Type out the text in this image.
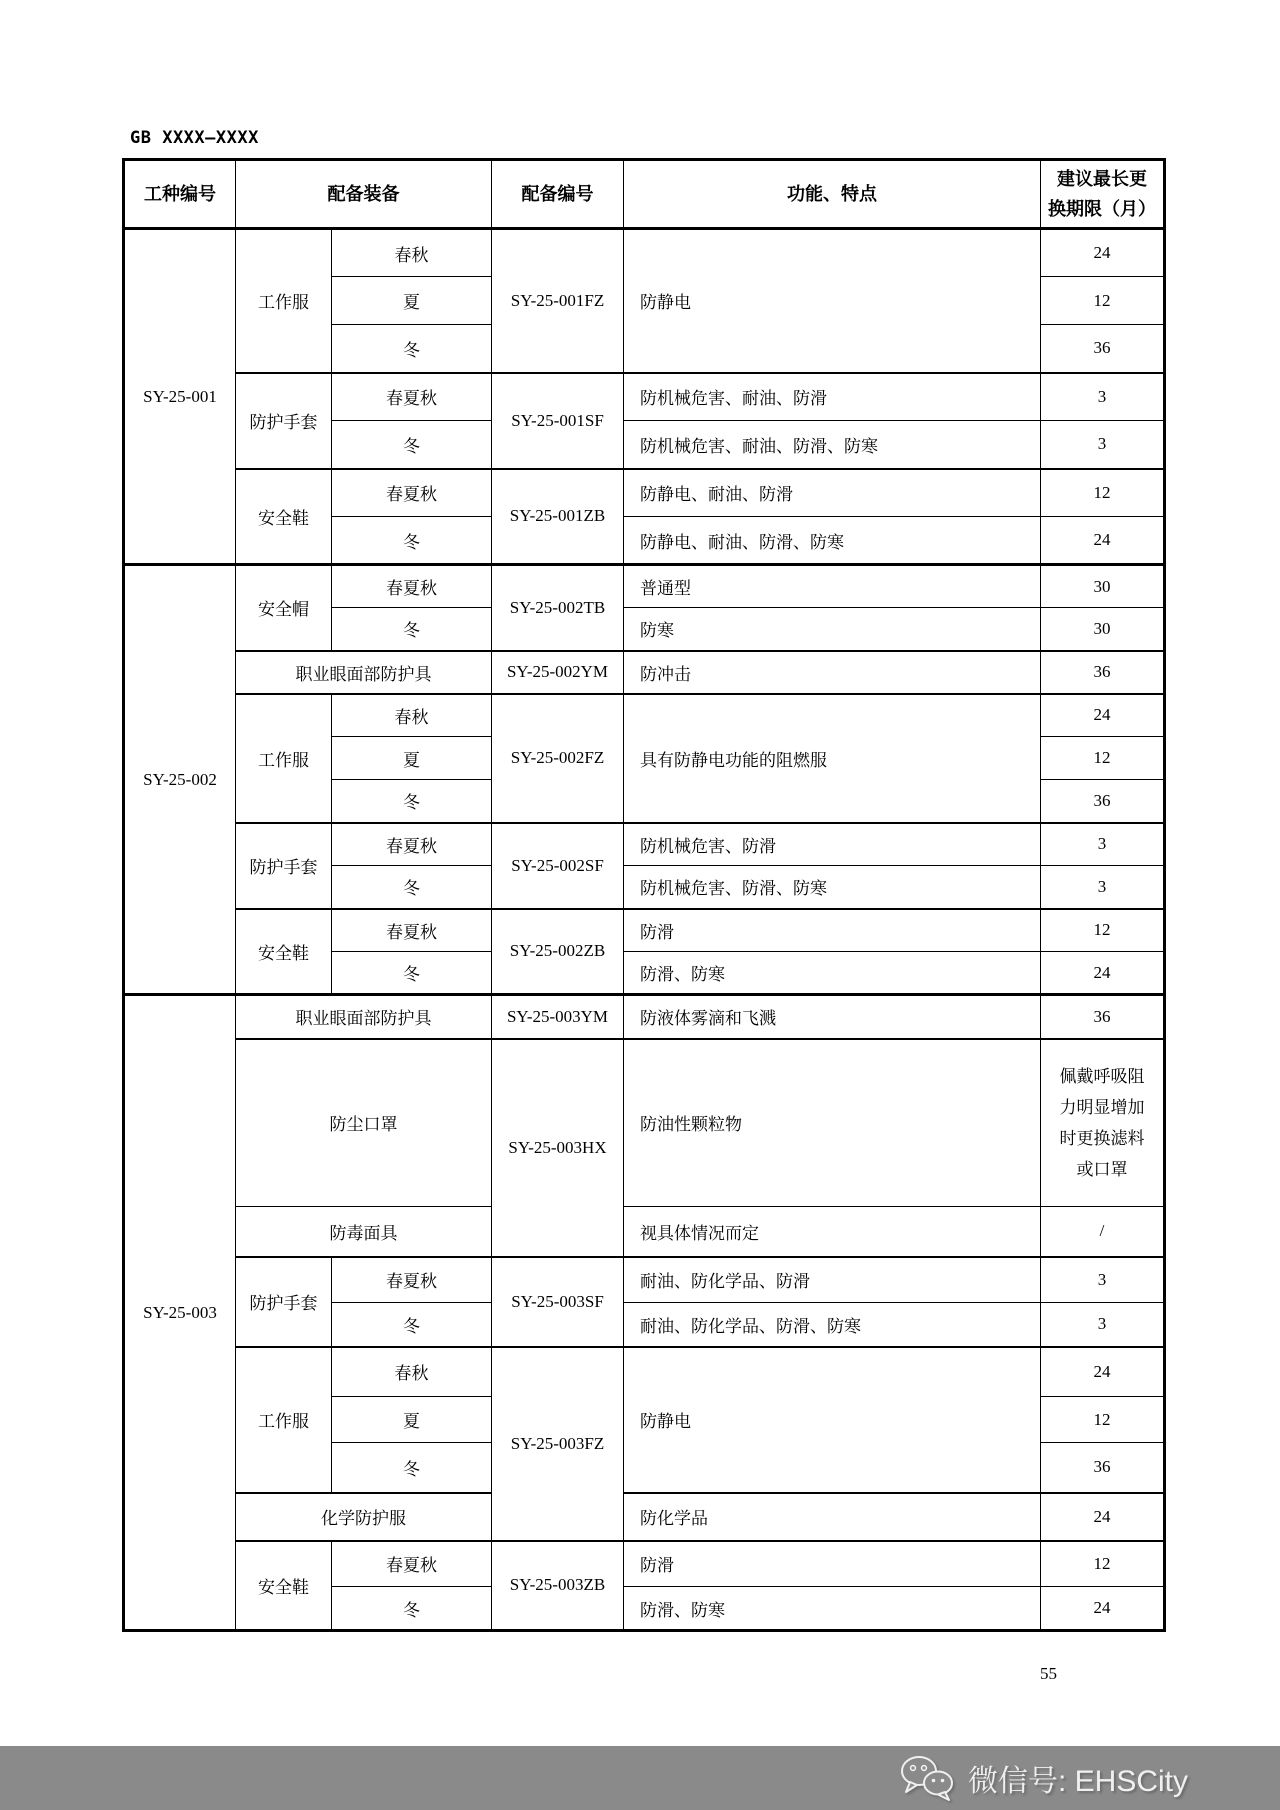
GB XXXX—XXXX
工种编号	配备装备		配备编号	功能、特点	建议最长更
换期限（月）

SY-25-001	工作服	春秋	SY-25-001FZ	防静电	24
		夏			12
		冬			36
	防护手套	春夏秋	SY-25-001SF	防机械危害、耐油、防滑	3
		冬		防机械危害、耐油、防滑、防寒	3
	安全鞋	春夏秋	SY-25-001ZB	防静电、耐油、防滑	12
		冬		防静电、耐油、防滑、防寒	24
SY-25-002	安全帽	春夏秋	SY-25-002TB	普通型	30
		冬		防寒	30
	职业眼面部防护具		SY-25-002YM	防冲击	36
	工作服	春秋	SY-25-002FZ	具有防静电功能的阻燃服	24
		夏			12
		冬			36
	防护手套	春夏秋	SY-25-002SF	防机械危害、防滑	3
		冬		防机械危害、防滑、防寒	3
	安全鞋	春夏秋	SY-25-002ZB	防滑	12
		冬		防滑、防寒	24
SY-25-003	职业眼面部防护具		SY-25-003YM	防液体雾滴和飞溅	36
	防尘口罩		SY-25-003HX	防油性颗粒物	佩戴呼吸阻力明显增加时更换滤料或口罩
	防毒面具			视具体情况而定	/
	防护手套	春夏秋	SY-25-003SF	耐油、防化学品、防滑	3
		冬		耐油、防化学品、防滑、防寒	3
	工作服	春秋	SY-25-003FZ	防静电	24
		夏			12
		冬			36
	化学防护服			防化学品	24
	安全鞋	春夏秋	SY-25-003ZB	防滑	12
		冬		防滑、防寒	24
55
微信号: EHSCity
